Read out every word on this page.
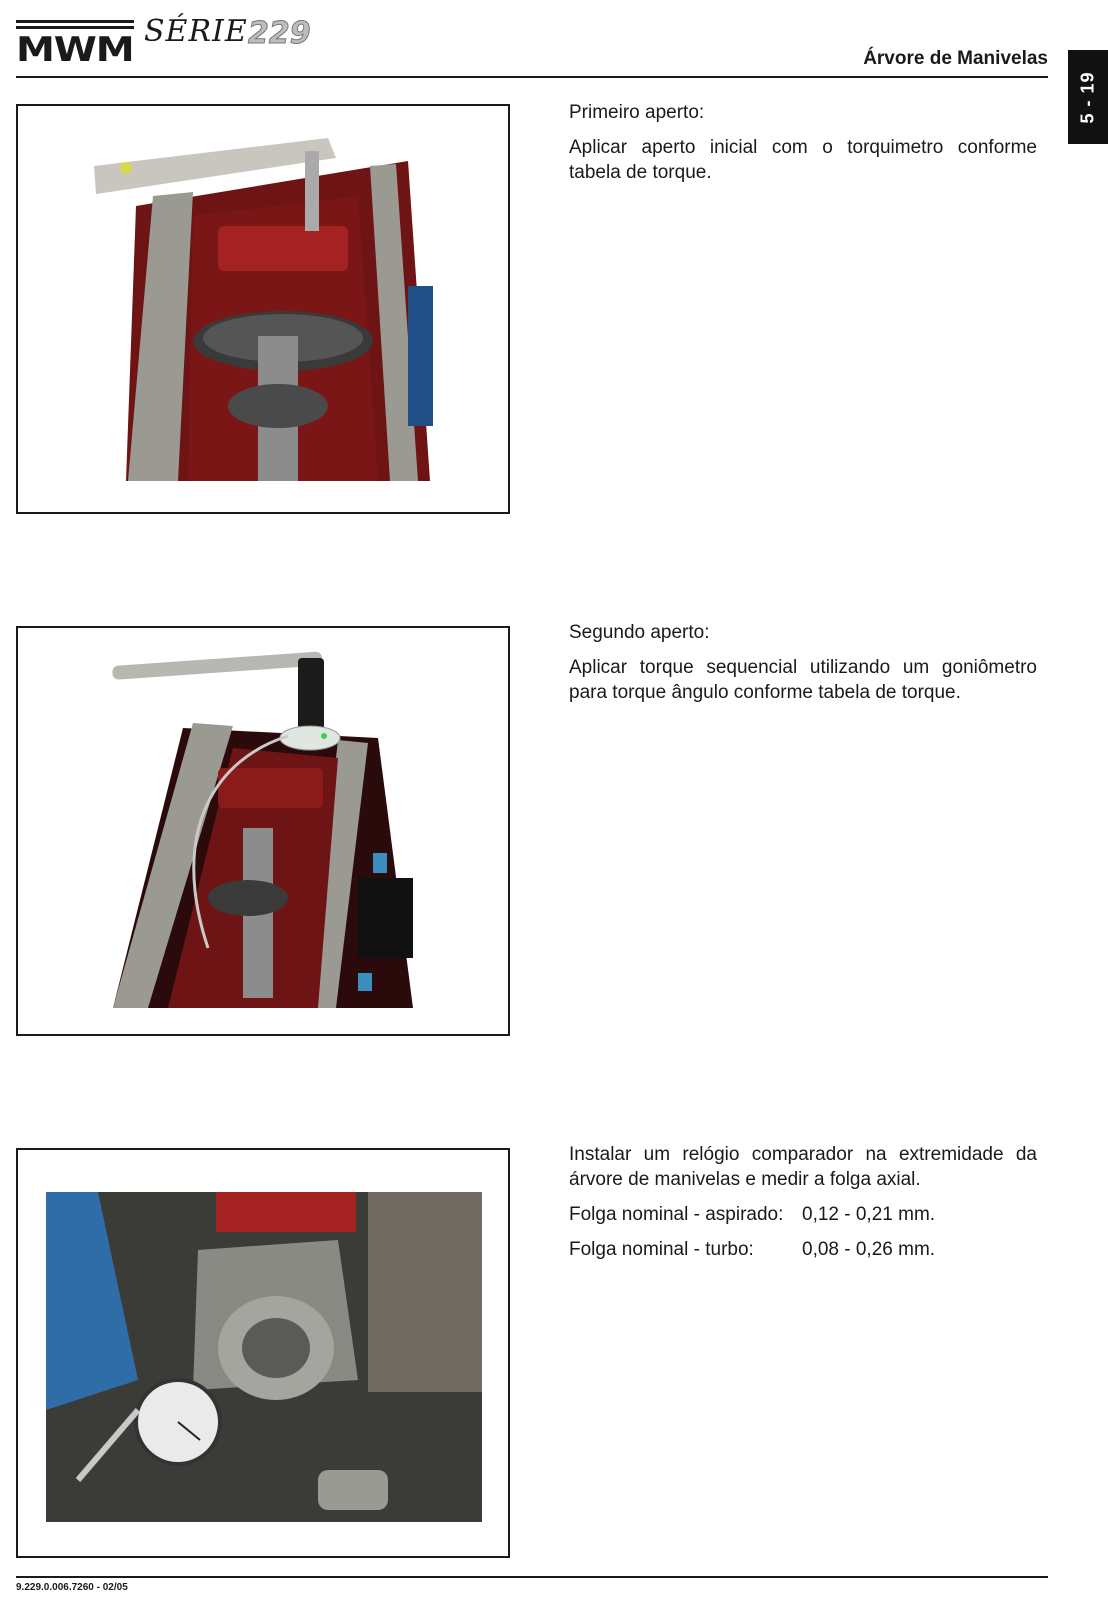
MWM SÉRIE 229
Árvore de Manivelas
5 - 19

Primeiro aperto:

Aplicar aperto inicial com o torquimetro conforme tabela de torque.

Segundo aperto:

Aplicar torque sequencial utilizando um goniômetro para torque ângulo conforme tabela de torque.

Instalar um relógio comparador na extremidade da árvore de manivelas e medir a folga axial.

Folga nominal - aspirado: 0,12 - 0,21 mm.
Folga nominal - turbo:	0,08 - 0,26 mm.
9.229.0.006.7260 - 02/05
